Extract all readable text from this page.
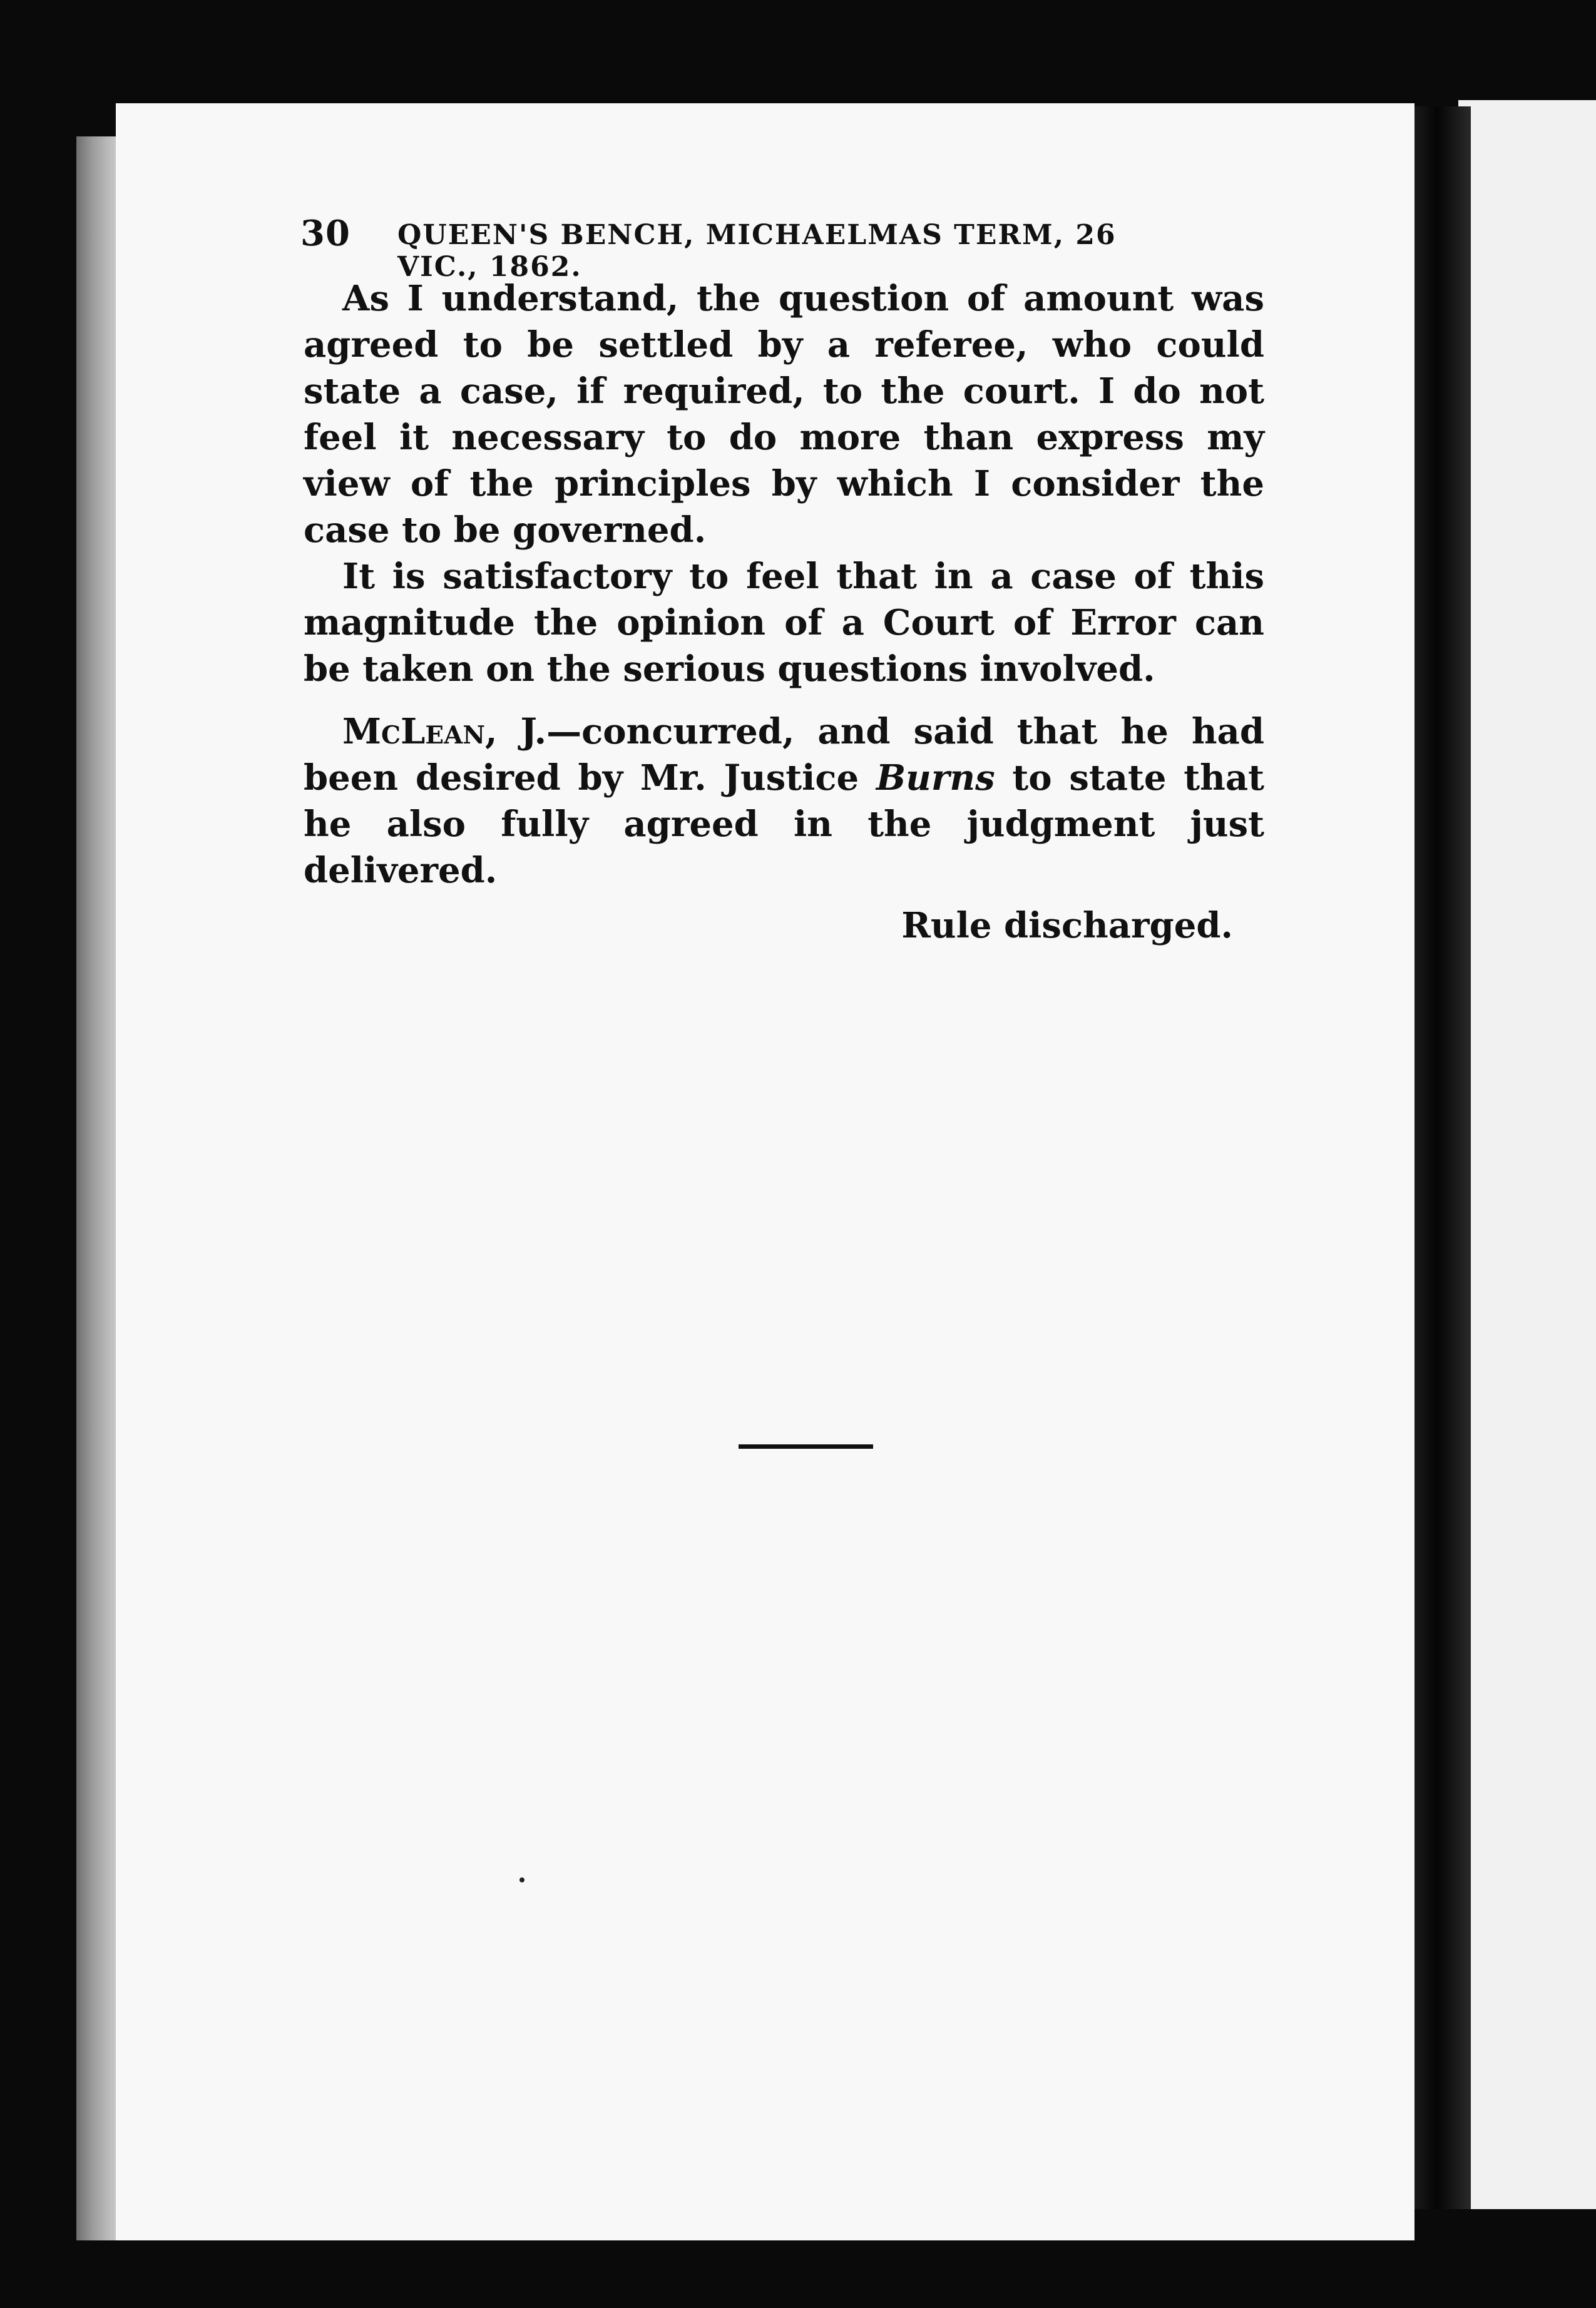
30 QUEEN'S BENCH, MICHAELMAS TERM, 26 VIC., 1862.

As I understand, the question of amount was agreed to be settled by a referee, who could state a case, if required, to the court. I do not feel it necessary to do more than express my view of the principles by which I consider the case to be governed.

It is satisfactory to feel that in a case of this magnitude the opinion of a Court of Error can be taken on the serious questions involved.

McLean, J.—concurred, and said that he had been desired by Mr. Justice Burns to state that he also fully agreed in the judgment just delivered.

Rule discharged.
